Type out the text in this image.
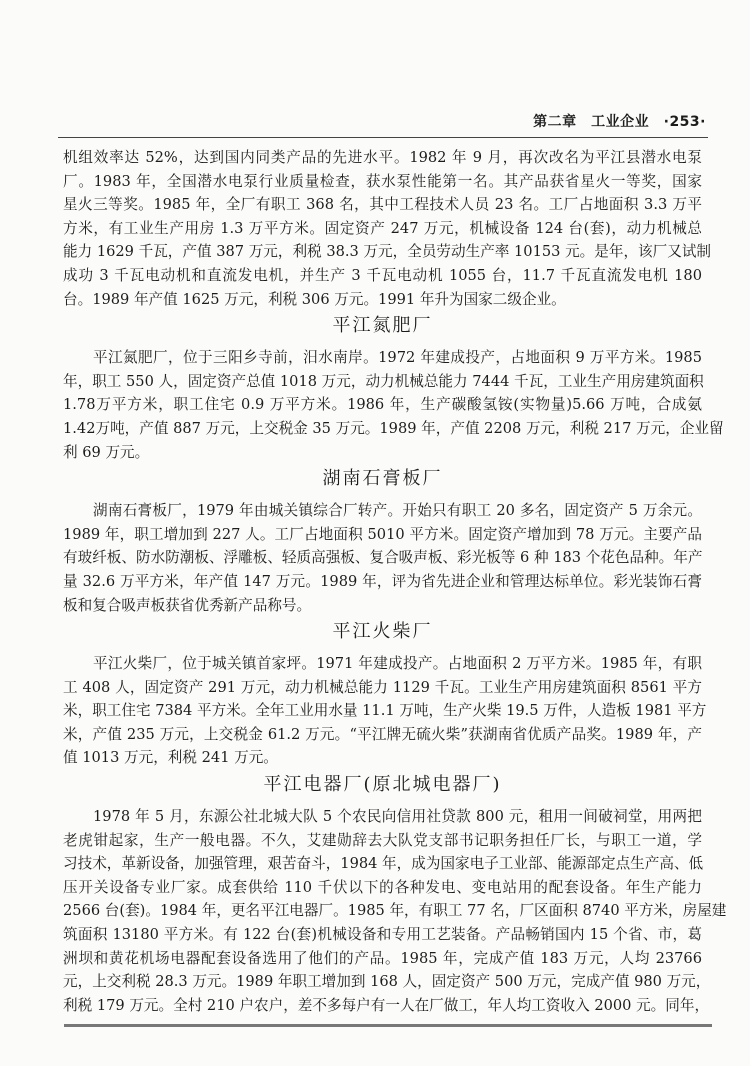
第二章　工业企业　 ·253·
机组效率达 52%，达到国内同类产品的先进水平。1982 年 9 月，再次改名为平江县潜水电泵
厂。1983 年，全国潜水电泵行业质量检查，获水泵性能第一名。其产品获省星火一等奖，国家
星火三等奖。1985 年，全厂有职工 368 名，其中工程技术人员 23 名。工厂占地面积 3.3 万平
方米，有工业生产用房 1.3 万平方米。固定资产 247 万元，机械设备 124 台(套)，动力机械总
能力 1629 千瓦，产值 387 万元，利税 38.3 万元，全员劳动生产率 10153 元。是年，该厂又试制
成功 3 千瓦电动机和直流发电机，并生产 3 千瓦电动机 1055 台，11.7 千瓦直流发电机 180
台。1989 年产值 1625 万元，利税 306 万元。1991 年升为国家二级企业。
平江氮肥厂
平江氮肥厂，位于三阳乡寺前，汨水南岸。1972 年建成投产，占地面积 9 万平方米。1985
年，职工 550 人，固定资产总值 1018 万元，动力机械总能力 7444 千瓦，工业生产用房建筑面积
1.78万平方米，职工住宅 0.9 万平方米。1986 年，生产碳酸氢铵(实物量)5.66 万吨，合成氨
1.42万吨，产值 887 万元，上交税金 35 万元。1989 年，产值 2208 万元，利税 217 万元，企业留
利 69 万元。
湖南石膏板厂
湖南石膏板厂，1979 年由城关镇综合厂转产。开始只有职工 20 多名，固定资产 5 万余元。
1989 年，职工增加到 227 人。工厂占地面积 5010 平方米。固定资产增加到 78 万元。主要产品
有玻纤板、防水防潮板、浮雕板、轻质高强板、复合吸声板、彩光板等 6 种 183 个花色品种。年产
量 32.6 万平方米，年产值 147 万元。1989 年，评为省先进企业和管理达标单位。彩光装饰石膏
板和复合吸声板获省优秀新产品称号。
平江火柴厂
平江火柴厂，位于城关镇首家坪。1971 年建成投产。占地面积 2 万平方米。1985 年，有职
工 408 人，固定资产 291 万元，动力机械总能力 1129 千瓦。工业生产用房建筑面积 8561 平方
米，职工住宅 7384 平方米。全年工业用水量 11.1 万吨，生产火柴 19.5 万件，人造板 1981 平方
米，产值 235 万元，上交税金 61.2 万元。“平江牌无硫火柴”获湖南省优质产品奖。1989 年，产
值 1013 万元，利税 241 万元。
平江电器厂(原北城电器厂)
1978 年 5 月，东源公社北城大队 5 个农民向信用社贷款 800 元，租用一间破祠堂，用两把
老虎钳起家，生产一般电器。不久，艾建勋辞去大队党支部书记职务担任厂长，与职工一道，学
习技术，革新设备，加强管理，艰苦奋斗，1984 年，成为国家电子工业部、能源部定点生产高、低
压开关设备专业厂家。成套供给 110 千伏以下的各种发电、变电站用的配套设备。年生产能力
2566 台(套)。1984 年，更名平江电器厂。1985 年，有职工 77 名，厂区面积 8740 平方米，房屋建
筑面积 13180 平方米。有 122 台(套)机械设备和专用工艺装备。产品畅销国内 15 个省、市，葛
洲坝和黄花机场电器配套设备选用了他们的产品。1985 年，完成产值 183 万元，人均 23766
元，上交利税 28.3 万元。1989 年职工增加到 168 人，固定资产 500 万元，完成产值 980 万元，
利税 179 万元。全村 210 户农户，差不多每户有一人在厂做工，年人均工资收入 2000 元。同年，
